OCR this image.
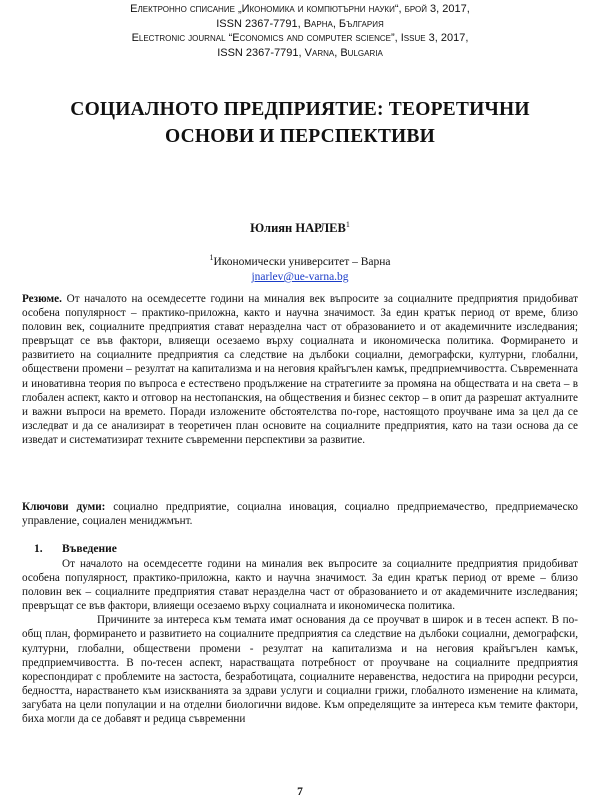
Електронно списание „Икономика и компютърни науки“, брой 3, 2017,
ISSN 2367-7791, Варна, България
Electronic journal “Economics and computer science”, Issue 3, 2017,
ISSN 2367-7791, Varna, Bulgaria
СОЦИАЛНОТО ПРЕДПРИЯТИЕ: ТЕОРЕТИЧНИ
ОСНОВИ И ПЕРСПЕКТИВИ
Юлиян НАРЛЕВ$^1$
$^1$Икономически университет – Варна
jnarlev@ue-varna.bg
Резюме. От началото на осемдесетте години на миналия век въпросите за социалните предприятия придобиват особена популярност – практико-приложна, както и научна значимост. За един кратък период от време, близо половин век, социалните предприятия стават неразделна част от образованието и от академичните изследвания; превръщат се във фактори, влияещи осезаемо върху социалната и икономическа политика. Формирането и развитието на социалните предприятия са следствие на дълбоки социални, демографски, културни, глобални, обществени промени – резултат на капитализма и на неговия крайъгълен камък, предприемчивостта. Съвременната и иновативна теория по въпроса е естествено продължение на стратегиите за промяна на обществата и на света – в глобален аспект, както и отговор на нестопанския, на обществения и бизнес сектор – в опит да разрешат актуалните и важни въпроси на времето. Поради изложените обстоятелства по-горе, настоящото проучване има за цел да се изследват и да се анализират в теоретичен план основите на социалните предприятия, като на тази основа да се изведат и систематизират техните съвременни перспективи за развитие.
Ключови думи: социално предприятие, социална иновация, социално предприемачество, предприемаческо управление, социален мениджмънт.
1. Въведение

От началото на осемдесетте години на миналия век въпросите за социалните предприятия придобиват особена популярност, практико-приложна, както и научна значимост. За един кратък период от време – близо половин век – социалните предприятия стават неразделна част от образованието и от академичните изследвания; превръщат се във фактори, влияещи осезаемо върху социалната и икономическа политика.

Причините за интереса към темата имат основания да се проучват в широк и в тесен аспект. В по-общ план, формирането и развитието на социалните предприятия са следствие на дълбоки социални, демографски, културни, глобални, обществени промени - резултат на капитализма и на неговия крайъгълен камък, предприемчивостта. В по-тесен аспект, нарастващата потребност от проучване на социалните предприятия кореспондират с проблемите на застоста, безработицата, социалните неравенства, недостига на природни ресурси, бедността, нарастването към изискванията за здрави услуги и социални грижи, глобалното изменение на климата, загубата на цели популации и на отделни биологични видове. Към определящите за интереса към темите фактори, биха могли да се добавят и редица съвременни

7
